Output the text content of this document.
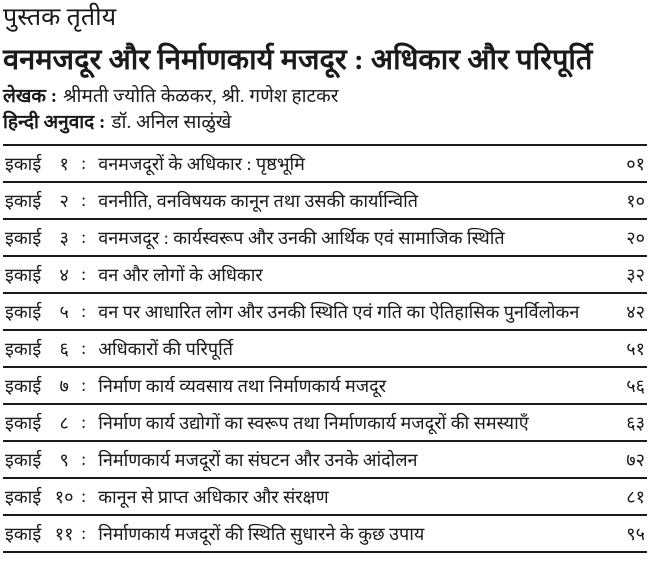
पुस्तक तृतीय
वनमजदूर और निर्माणकार्य मजदूर : अधिकार और परिपूर्ति
लेखक : श्रीमती ज्योति केळकर, श्री. गणेश हाटकर
हिन्दी अनुवाद : डॉ. अनिल साळुंखे
इकाई	१ : वनमजदूरों के अधिकार : पृष्ठभूमि	०१
इकाई	२ : वननीति, वनविषयक कानून तथा उसकी कार्यान्विति	१०
इकाई	३ : वनमजदूर : कार्यस्वरूप और उनकी आर्थिक एवं सामाजिक स्थिति	२०
इकाई	४ : वन और लोगों के अधिकार	३२
इकाई	५ : वन पर आधारित लोग और उनकी स्थिति एवं गति का ऐतिहासिक पुनर्विलोकन	४२
इकाई	६ : अधिकारों की परिपूर्ति	५१
इकाई	७ : निर्माण कार्य व्यवसाय तथा निर्माणकार्य मजदूर	५६
इकाई	८ : निर्माण कार्य उद्योगों का स्वरूप तथा निर्माणकार्य मजदूरों की समस्याएँ	६३
इकाई	९ : निर्माणकार्य मजदूरों का संघटन और उनके आंदोलन	७२
इकाई १० : कानून से प्राप्त अधिकार और संरक्षण	८१
इकाई ११ : निर्माणकार्य मजदूरों की स्थिति सुधारने के कुछ उपाय	९५
